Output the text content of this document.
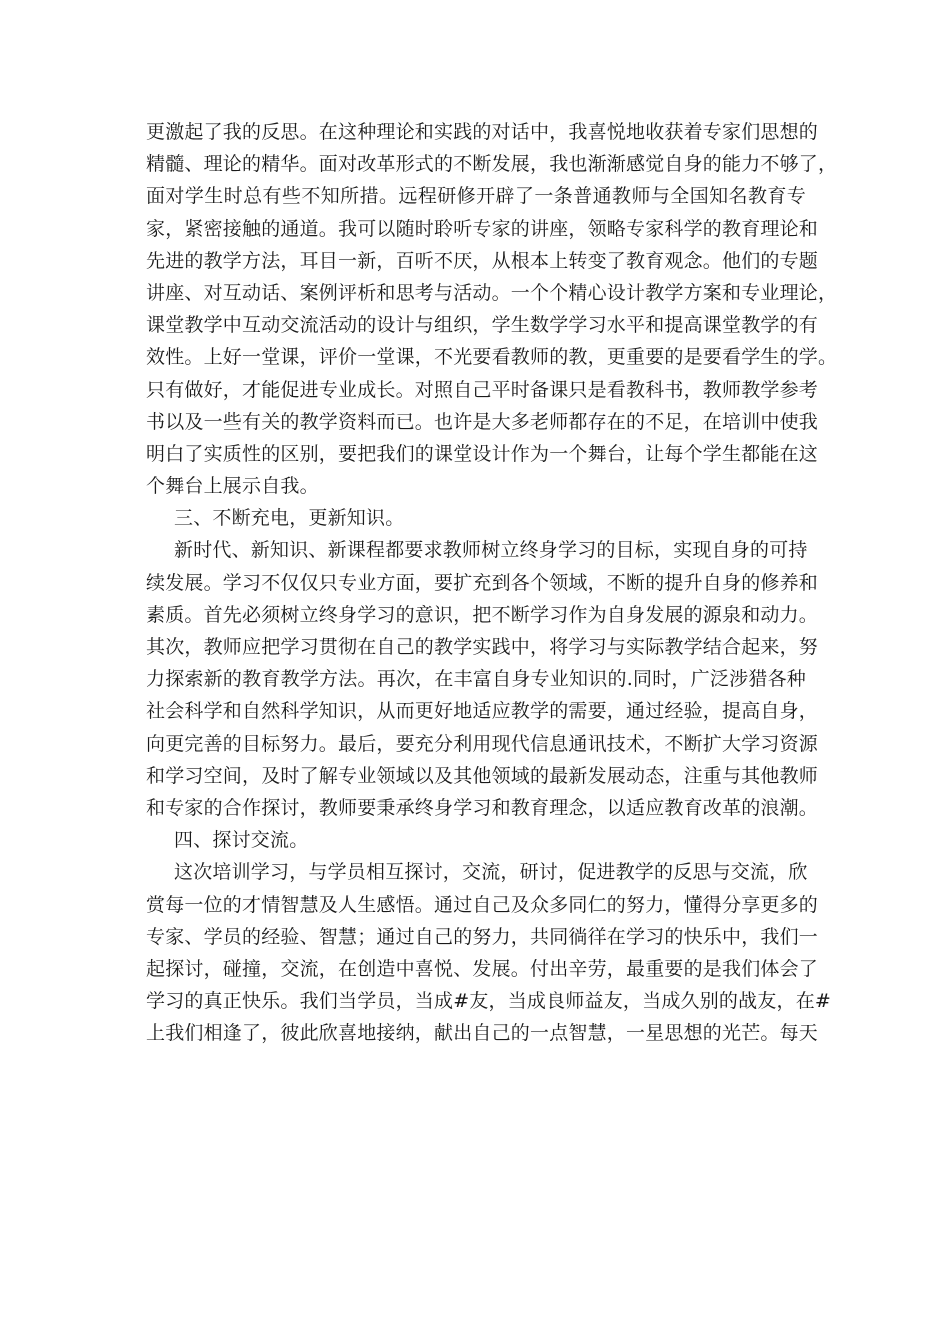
更激起了我的反思。在这种理论和实践的对话中，我喜悦地收获着专家们思想的
精髓、理论的精华。面对改革形式的不断发展，我也渐渐感觉自身的能力不够了，
面对学生时总有些不知所措。远程研修开辟了一条普通教师与全国知名教育专
家，紧密接触的通道。我可以随时聆听专家的讲座，领略专家科学的教育理论和
先进的教学方法，耳目一新，百听不厌，从根本上转变了教育观念。他们的专题
讲座、对互动话、案例评析和思考与活动。一个个精心设计教学方案和专业理论，
课堂教学中互动交流活动的设计与组织，学生数学学习水平和提高课堂教学的有
效性。上好一堂课，评价一堂课，不光要看教师的教，更重要的是要看学生的学。
只有做好，才能促进专业成长。对照自己平时备课只是看教科书，教师教学参考
书以及一些有关的教学资料而已。也许是大多老师都存在的不足，在培训中使我
明白了实质性的区别，要把我们的课堂设计作为一个舞台，让每个学生都能在这
个舞台上展示自我。
三、不断充电，更新知识。
新时代、新知识、新课程都要求教师树立终身学习的目标，实现自身的可持
续发展。学习不仅仅只专业方面，要扩充到各个领域，不断的提升自身的修养和
素质。首先必须树立终身学习的意识，把不断学习作为自身发展的源泉和动力。
其次，教师应把学习贯彻在自己的教学实践中，将学习与实际教学结合起来，努
力探索新的教育教学方法。再次，在丰富自身专业知识的.同时，广泛涉猎各种
社会科学和自然科学知识，从而更好地适应教学的需要，通过经验，提高自身，
向更完善的目标努力。最后，要充分利用现代信息通讯技术，不断扩大学习资源
和学习空间，及时了解专业领域以及其他领域的最新发展动态，注重与其他教师
和专家的合作探讨，教师要秉承终身学习和教育理念，以适应教育改革的浪潮。
四、探讨交流。
这次培训学习，与学员相互探讨，交流，研讨，促进教学的反思与交流，欣
赏每一位的才情智慧及人生感悟。通过自己及众多同仁的努力，懂得分享更多的
专家、学员的经验、智慧；通过自己的努力，共同徜徉在学习的快乐中，我们一
起探讨，碰撞，交流，在创造中喜悦、发展。付出辛劳，最重要的是我们体会了
学习的真正快乐。我们当学员，当成#友，当成良师益友，当成久别的战友，在#
上我们相逢了，彼此欣喜地接纳，献出自己的一点智慧，一星思想的光芒。每天
